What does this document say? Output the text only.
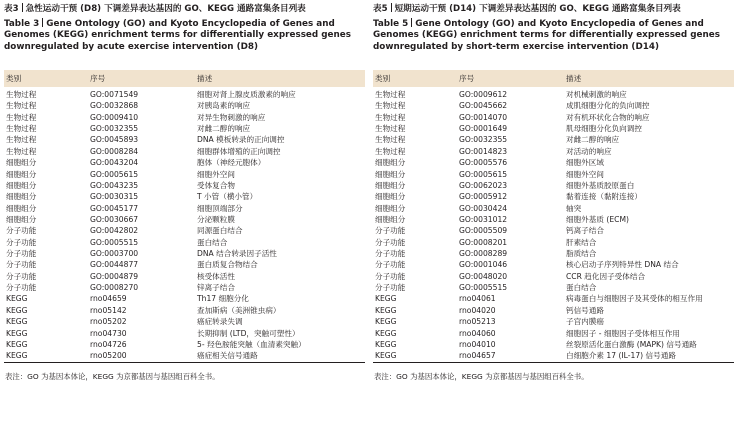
表3 急性运动干预 (D8) 下调差异表达基因的 GO、KEGG 通路富集条目列表
Table 3 Gene Ontology (GO) and Kyoto Encyclopedia of Genes and Genomes (KEGG) enrichment terms for differentially expressed genes downregulated by acute exercise intervention (D8)
类别	序号	描述
生物过程	GO:0071549	细胞对肾上腺皮质激素的响应
生物过程	GO:0032868	对胰岛素的响应
生物过程	GO:0009410	对异生物刺激的响应
生物过程	GO:0032355	对雌二醇的响应
生物过程	GO:0045893	DNA 模板转录的正向调控
生物过程	GO:0008284	细胞群体增殖的正向调控
细胞组分	GO:0043204	胞体（神经元胞体）
细胞组分	GO:0005615	细胞外空间
细胞组分	GO:0043235	受体复合物
细胞组分	GO:0030315	T 小管（横小管）
细胞组分	GO:0045177	细胞顶端部分
细胞组分	GO:0030667	分泌颗粒膜
分子功能	GO:0042802	同源蛋白结合
分子功能	GO:0005515	蛋白结合
分子功能	GO:0003700	DNA 结合转录因子活性
分子功能	GO:0044877	蛋白质复合物结合
分子功能	GO:0004879	核受体活性
分子功能	GO:0008270	锌离子结合
KEGG	rno04659	Th17 细胞分化
KEGG	rno05142	查加斯病（美洲锥虫病）
KEGG	rno05202	癌症转录失调
KEGG	rno04730	长期抑制 (LTD，突触可塑性）
KEGG	rno04726	5- 羟色胺能突触（血清素突触）
KEGG	rno05200	癌症相关信号通路
表注：GO 为基因本体论，KEGG 为京都基因与基因组百科全书。
表5 短期运动干预 (D14) 下调差异表达基因的 GO、KEGG 通路富集条目列表
Table 5 Gene Ontology (GO) and Kyoto Encyclopedia of Genes and Genomes (KEGG) enrichment terms for differentially expressed genes downregulated by short-term exercise intervention (D14)
类别	序号	描述
生物过程	GO:0009612	对机械刺激的响应
生物过程	GO:0045662	成肌细胞分化的负向调控
生物过程	GO:0014070	对有机环状化合物的响应
生物过程	GO:0001649	肌母细胞分化负向调控
生物过程	GO:0032355	对雌二醇的响应
生物过程	GO:0014823	对活动的响应
细胞组分	GO:0005576	细胞外区域
细胞组分	GO:0005615	细胞外空间
细胞组分	GO:0062023	细胞外基质胶原蛋白
细胞组分	GO:0005912	黏着连接（黏附连接）
细胞组分	GO:0030424	轴突
细胞组分	GO:0031012	细胞外基质 (ECM)
分子功能	GO:0005509	钙离子结合
分子功能	GO:0008201	肝素结合
分子功能	GO:0008289	脂质结合
分子功能	GO:0001046	核心启动子序列特异性 DNA 结合
分子功能	GO:0048020	CCR 趋化因子受体结合
分子功能	GO:0005515	蛋白结合
KEGG	rno04061	病毒蛋白与细胞因子及其受体的相互作用
KEGG	rno04020	钙信号通路
KEGG	rno05213	子宫内膜癌
KEGG	rno04060	细胞因子 - 细胞因子受体相互作用
KEGG	rno04010	丝裂原活化蛋白激酶 (MAPK) 信号通路
KEGG	rno04657	白细胞介素 17 (IL-17) 信号通路
表注：GO 为基因本体论，KEGG 为京都基因与基因组百科全书。
